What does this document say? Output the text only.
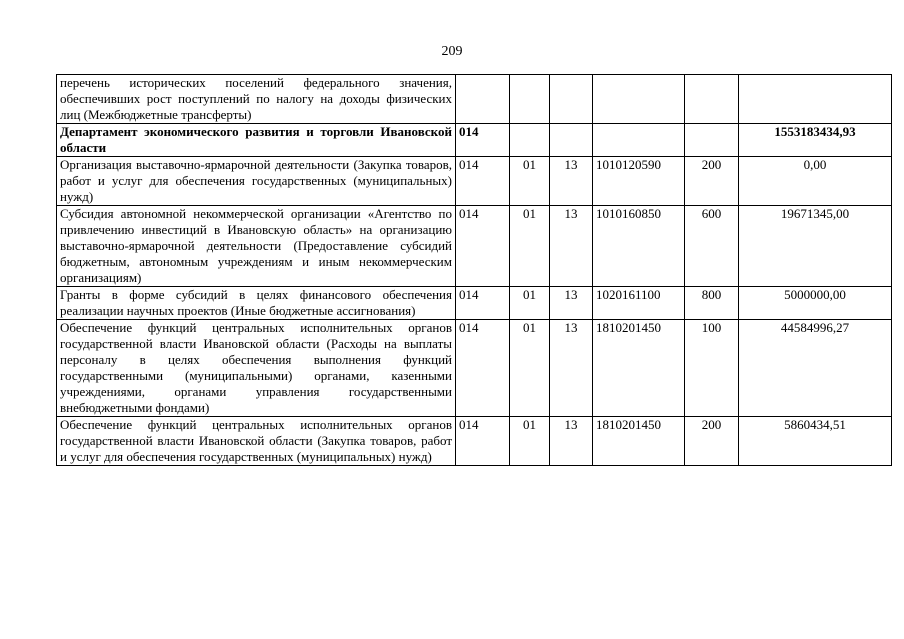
209
перечень исторических поселений федерального значения, обеспечивших рост поступлений по налогу на доходы физических лиц (Межбюджетные трансферты)						
Департамент экономического развития и торговли Ивановской области	014					1553183434,93
Организация выставочно-ярмарочной деятельности (Закупка товаров, работ и услуг для обеспечения государственных (муниципальных) нужд)	014	01	13	1010120590	200	0,00
Субсидия автономной некоммерческой организации «Агентство по привлечению инвестиций в Ивановскую область» на организацию выставочно-ярмарочной деятельности (Предоставление субсидий бюджетным, автономным учреждениям и иным некоммерческим организациям)	014	01	13	1010160850	600	19671345,00
Гранты в форме субсидий в целях финансового обеспечения реализации научных проектов (Иные бюджетные ассигнования)	014	01	13	1020161100	800	5000000,00
Обеспечение функций центральных исполнительных органов государственной власти Ивановской области (Расходы на выплаты персоналу в целях обеспечения выполнения функций государственными (муниципальными) органами, казенными учреждениями, органами управления государственными внебюджетными фондами)	014	01	13	1810201450	100	44584996,27
Обеспечение функций центральных исполнительных органов государственной власти Ивановской области (Закупка товаров, работ и услуг для обеспечения государственных (муниципальных) нужд)	014	01	13	1810201450	200	5860434,51
